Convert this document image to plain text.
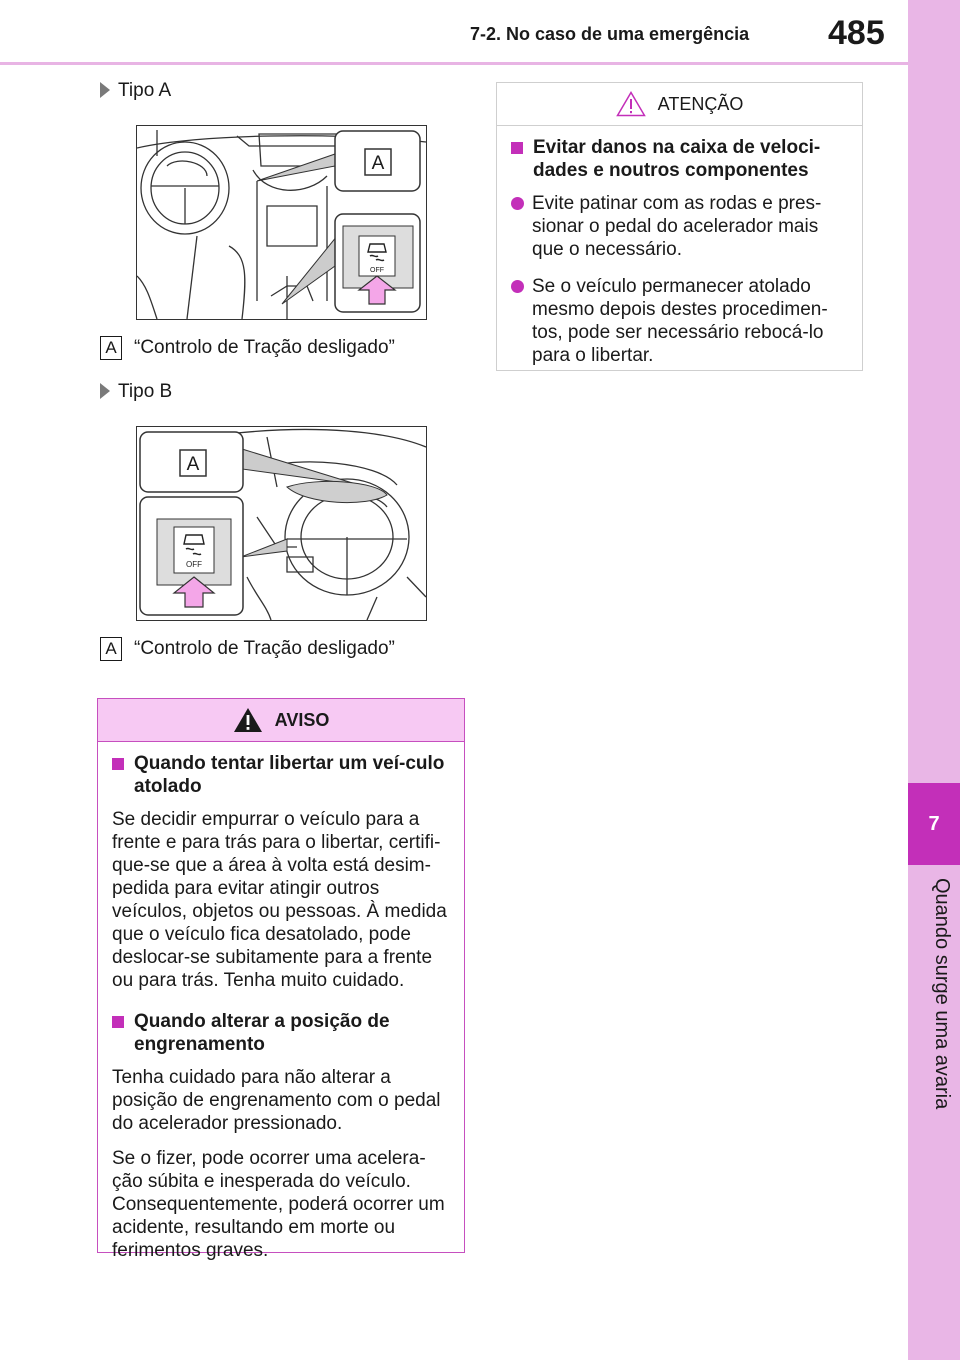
7-2. No caso de uma emergência 485
7
Quando surge uma avaria
Tipo A
A
OFF
A “Controlo de Tração desligado”
Tipo B
A
OFF
A “Controlo de Tração desligado”
AVISO
Quando tentar libertar um veí-culo atolado

Se decidir empurrar o veículo para a frente e para trás para o libertar, certifi-que-se que a área à volta está desim-pedida para evitar atingir outros veículos, objetos ou pessoas. À medida que o veículo fica desatolado, pode deslocar-se subitamente para a frente ou para trás. Tenha muito cuidado.

Quando alterar a posição de engrenamento

Tenha cuidado para não alterar a posição de engrenamento com o pedal do acelerador pressionado.

Se o fizer, pode ocorrer uma acelera-ção súbita e inesperada do veículo. Consequentemente, poderá ocorrer um acidente, resultando em morte ou ferimentos graves.

ATENÇÃO
Evitar danos na caixa de veloci-dades e noutros componentes
Evite patinar com as rodas e pres-sionar o pedal do acelerador mais que o necessário.
Se o veículo permanecer atolado mesmo depois destes procedimen-tos, pode ser necessário rebocá-lo para o libertar.
